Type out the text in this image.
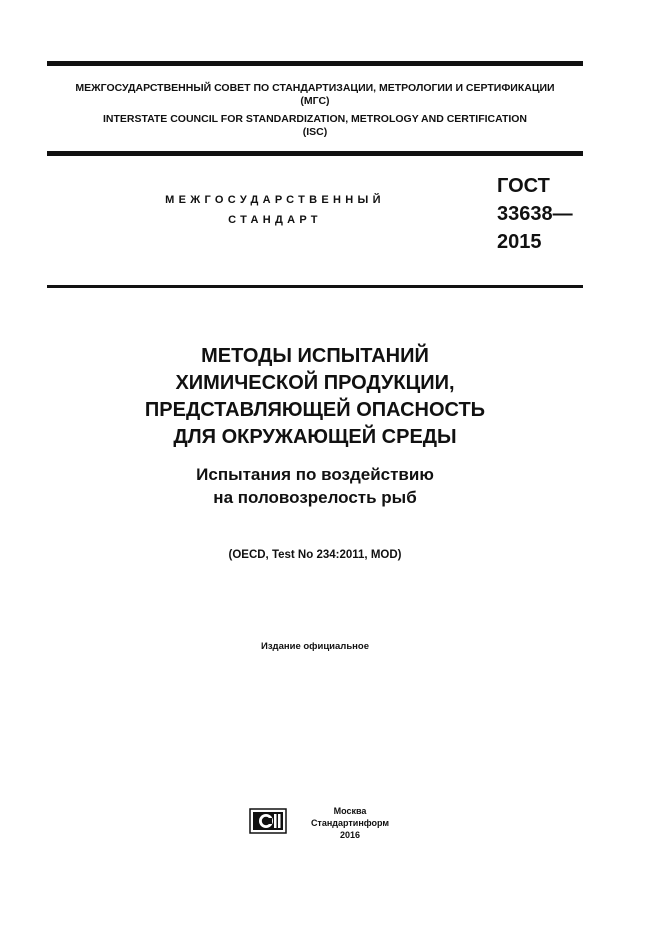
МЕЖГОСУДАРСТВЕННЫЙ СОВЕТ ПО СТАНДАРТИЗАЦИИ, МЕТРОЛОГИИ И СЕРТИФИКАЦИИ
(МГС)
INTERSTATE COUNCIL FOR STANDARDIZATION, METROLOGY AND CERTIFICATION
(ISC)
МЕЖГОСУДАРСТВЕННЫЙ
СТАНДАРТ
ГОСТ
33638—
2015
МЕТОДЫ ИСПЫТАНИЙ
ХИМИЧЕСКОЙ ПРОДУКЦИИ,
ПРЕДСТАВЛЯЮЩЕЙ ОПАСНОСТЬ
ДЛЯ ОКРУЖАЮЩЕЙ СРЕДЫ
Испытания по воздействию
на половозрелость рыб
(OECD, Test No 234:2011, MOD)
Издание официальное
Москва
Стандартинформ
2016
